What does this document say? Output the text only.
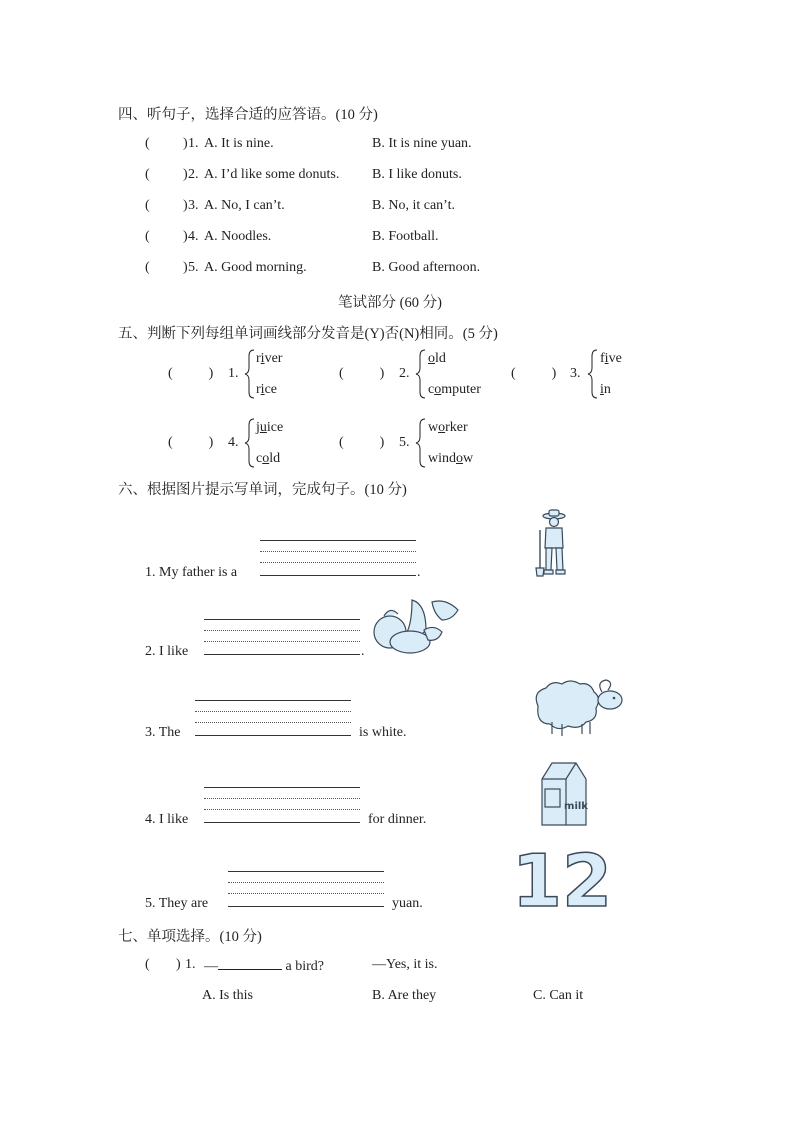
四、听句子，选择合适的应答语。(10 分)
( ) 1. A. It is nine.	B. It is nine yuan.
( ) 2. A. I’d like some donuts. B. I like donuts.
( ) 3. A. No, I can’t.	B. No, it can’t.
( ) 4. A. Noodles.	B. Football.
( ) 5. A. Good morning.	B. Good afternoon.
笔试部分 (60 分)
五、判断下列每组单词画线部分发音是(Y)否(N)相同。(5 分)
(	) 1.
river
rice
(	) 2.
old
computer
(	) 3.
five
in
(	) 4.
juice
cold
(	) 5.
worker
window
六、根据图片提示写单词，完成句子。(10 分)
1. My father is a	.
2. I like	.
3. The	is white.
4. I like	for dinner.
5. They are	yuan.
milk
12
七、单项选择。(10 分)
( ) 1. —	a bird?	—Yes, it is.
A. Is this	B. Are they	C. Can it
